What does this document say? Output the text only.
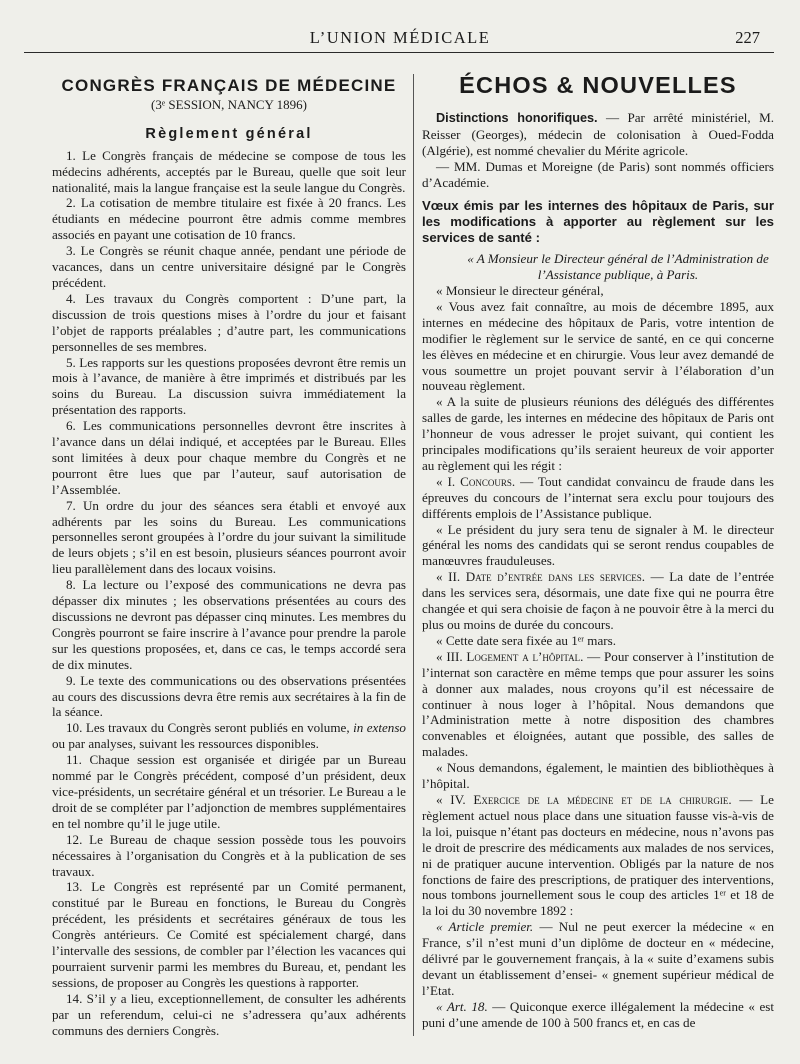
L’UNION MÉDICALE	227

CONGRÈS FRANÇAIS DE MÉDECINE

(3ᵉ SESSION, NANCY 1896)

Règlement général

1. Le Congrès français de médecine se compose de tous les médecins adhérents, acceptés par le Bureau, quelle que soit leur nationalité, mais la langue française est la seule langue du Congrès.

2. La cotisation de membre titulaire est fixée à 20 francs. Les étudiants en médecine pourront être admis comme membres associés en payant une cotisation de 10 francs.

3. Le Congrès se réunit chaque année, pendant une période de vacances, dans un centre universitaire désigné par le Congrès précédent.

4. Les travaux du Congrès comportent : D’une part, la discussion de trois questions mises à l’ordre du jour et faisant l’objet de rapports préalables ; d’autre part, les communications personnelles de ses membres.

5. Les rapports sur les questions proposées devront être remis un mois à l’avance, de manière à être imprimés et distribués par les soins du Bureau. La discussion suivra immédiatement la présentation des rapports.

6. Les communications personnelles devront être inscrites à l’avance dans un délai indiqué, et acceptées par le Bureau. Elles sont limitées à deux pour chaque membre du Congrès et ne pourront être lues que par l’auteur, sauf autorisation de l’Assemblée.

7. Un ordre du jour des séances sera établi et envoyé aux adhérents par les soins du Bureau. Les communications personnelles seront groupées à l’ordre du jour suivant la similitude de leurs objets ; s’il en est besoin, plusieurs séances pourront avoir lieu parallèlement dans des locaux voisins.

8. La lecture ou l’exposé des communications ne devra pas dépasser dix minutes ; les observations présentées au cours des discussions ne devront pas dépasser cinq minutes. Les membres du Congrès pourront se faire inscrire à l’avance pour prendre la parole sur les questions proposées, et, dans ce cas, le temps accordé sera de dix minutes.

9. Le texte des communications ou des observations présentées au cours des discussions devra être remis aux secrétaires à la fin de la séance.

10. Les travaux du Congrès seront publiés en volume, in extenso ou par analyses, suivant les ressources disponibles.

11. Chaque session est organisée et dirigée par un Bureau nommé par le Congrès précédent, composé d’un président, deux vice-présidents, un secrétaire général et un trésorier. Le Bureau a le droit de se compléter par l’adjonction de membres supplémentaires en tel nombre qu’il le juge utile.

12. Le Bureau de chaque session possède tous les pouvoirs nécessaires à l’organisation du Congrès et à la publication de ses travaux.

13. Le Congrès est représenté par un Comité permanent, constitué par le Bureau en fonctions, le Bureau du Congrès précédent, les présidents et secrétaires généraux de tous les Congrès antérieurs. Ce Comité est spécialement chargé, dans l’intervalle des sessions, de combler par l’élection les vacances qui pourraient survenir parmi les membres du Bureau, et, pendant les sessions, de proposer au Congrès les questions à rapporter.

14. S’il y a lieu, exceptionnellement, de consulter les adhérents par un referendum, celui-ci ne s’adressera qu’aux adhérents communs des derniers Congrès.

ÉCHOS & NOUVELLES

Distinctions honorifiques. — Par arrêté ministériel, M. Reisser (Georges), médecin de colonisation à Oued-Fodda (Algérie), est nommé chevalier du Mérite agricole.

— MM. Dumas et Moreigne (de Paris) sont nommés officiers d’Académie.

Vœux émis par les internes des hôpitaux de Paris, sur les modifications à apporter au règlement sur les services de santé :

« A Monsieur le Directeur général de l’Administration de l’Assistance publique, à Paris.

« Monsieur le directeur général,

« Vous avez fait connaître, au mois de décembre 1895, aux internes en médecine des hôpitaux de Paris, votre intention de modifier le règlement sur le service de santé, en ce qui concerne les élèves en médecine et en chirurgie. Vous leur avez demandé de vous soumettre un projet pouvant servir à l’élaboration d’un nouveau règlement.

« A la suite de plusieurs réunions des délégués des différentes salles de garde, les internes en médecine des hôpitaux de Paris ont l’honneur de vous adresser le projet suivant, qui contient les principales modifications qu’ils seraient heureux de voir apporter au règlement qui les régit :

« I. Concours. — Tout candidat convaincu de fraude dans les épreuves du concours de l’internat sera exclu pour toujours des différents emplois de l’Assistance publique.

« Le président du jury sera tenu de signaler à M. le directeur général les noms des candidats qui se seront rendus coupables de manœuvres frauduleuses.

« II. Date d’entrée dans les services. — La date de l’entrée dans les services sera, désormais, une date fixe qui ne pourra être changée et qui sera choisie de façon à ne pouvoir être à la merci du plus ou moins de durée du concours.

« Cette date sera fixée au 1ᵉʳ mars.

« III. Logement a l’hôpital. — Pour conserver à l’institution de l’internat son caractère en même temps que pour assurer les soins à donner aux malades, nous croyons qu’il est nécessaire de continuer à nous loger à l’hôpital. Nous demandons que l’Administration mette à notre disposition des chambres convenables et éloignées, autant que possible, des salles de malades.

« Nous demandons, également, le maintien des bibliothèques à l’hôpital.

« IV. Exercice de la médecine et de la chirurgie. — Le règlement actuel nous place dans une situation fausse vis-à-vis de la loi, puisque n’étant pas docteurs en médecine, nous n’avons pas le droit de prescrire des médicaments aux malades de nos services, ni de pratiquer aucune intervention. Obligés par la nature de nos fonctions de faire des prescriptions, de pratiquer des interventions, nous tombons journellement sous le coup des articles 1ᵉʳ et 18 de la loi du 30 novembre 1892 :

« Article premier. — Nul ne peut exercer la médecine « en France, s’il n’est muni d’un diplôme de docteur en « médecine, délivré par le gouvernement français, à la « suite d’examens subis devant un établissement d’ensei- « gnement supérieur médical de l’Etat.

« Art. 18. — Quiconque exerce illégalement la médecine « est puni d’une amende de 100 à 500 francs et, en cas de
